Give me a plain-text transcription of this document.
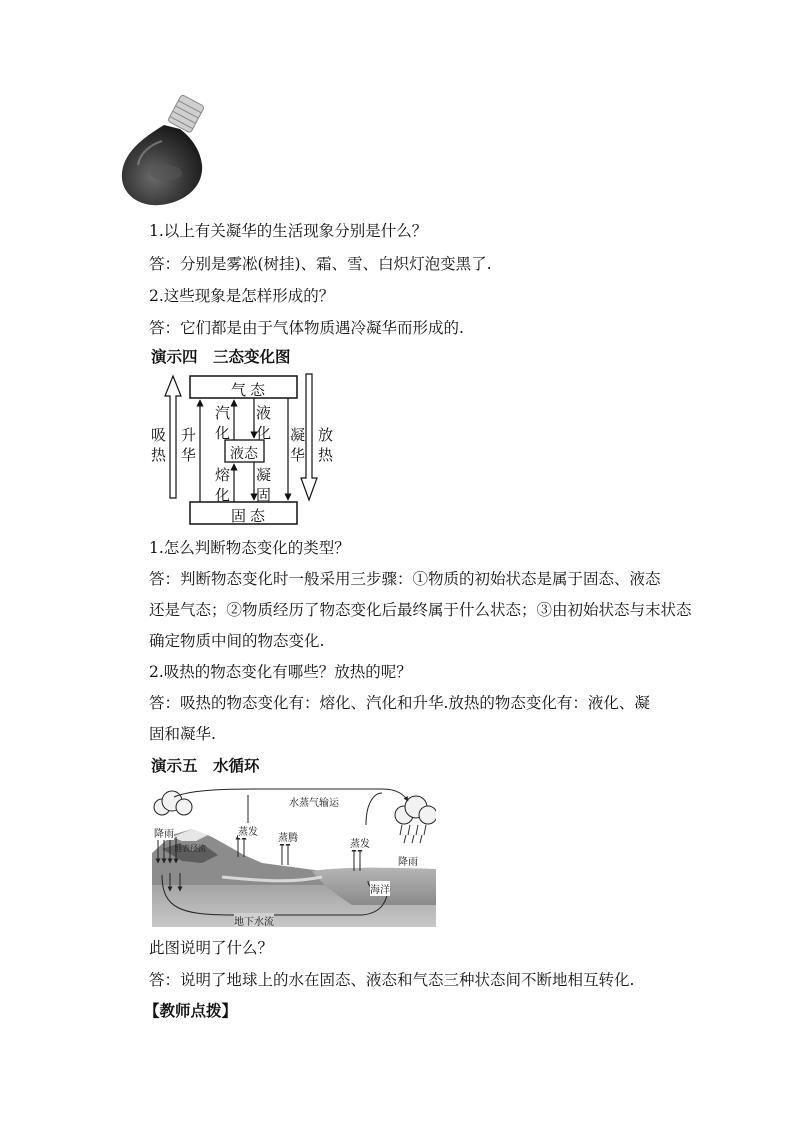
1.以上有关凝华的生活现象分别是什么？
答：分别是雾凇(树挂)、霜、雪、白炽灯泡变黑了.
2.这些现象是怎样形成的？
答：它们都是由于气体物质遇冷凝华而形成的.
演示四　三态变化图
气态
液态
固态
汽
化
液
化
升
华
凝
华
熔
化
凝
固
吸
热
放
热
1.怎么判断物态变化的类型？
答：判断物态变化时一般采用三步骤：①物质的初始状态是属于固态、液态
还是气态；②物质经历了物态变化后最终属于什么状态；③由初始状态与末状态
确定物质中间的物态变化.
2.吸热的物态变化有哪些？放热的呢？
答：吸热的物态变化有：熔化、汽化和升华.放热的物态变化有：液化、凝
固和凝华.
演示五　水循环
水蒸气输运
降雨	蒸发
蒸腾
蒸发
降雨
地表径流
海洋
地下水流
此图说明了什么？
答：说明了地球上的水在固态、液态和气态三种状态间不断地相互转化.
【教师点拨】
